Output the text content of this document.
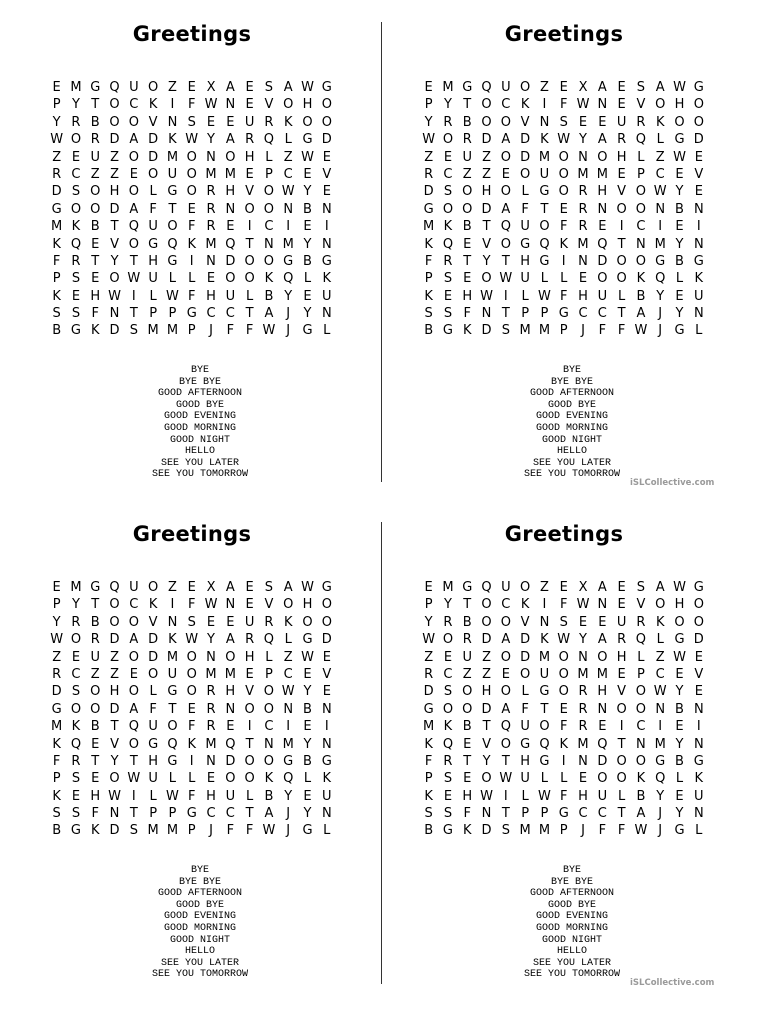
Greetings
E M G Q U O Z E X A E S A W G
P Y T O C K	I	F W N E V O H O
Y R B O O V N S E E U R K O O
W O R D A D K W Y A R Q L G D
Z E U Z O D M O N O H L Z W E
R C Z Z E O U O M M E P C E V
D S O H O L G O R H V O W Y E
G O O D A F T E R N O O N B N
M K B T Q U O F R E	I C I	E	I
K Q E V O G Q K M Q T N M Y N
F R T Y T H G I N D O O G B G
P S E O W U L L E O O K Q L K
K E H W I	L W F H U L B Y E U
S S F N T P P G C C T A J	Y N
B G K D S M M P	J	F F W J G L
BYE
BYE BYE
GOOD AFTERNOON
GOOD BYE
GOOD EVENING
GOOD MORNING
GOOD NIGHT
HELLO
SEE YOU LATER
SEE YOU TOMORROW
Greetings
E M G Q U O Z E X A E S A W G
P Y T O C K	I	F W N E V O H O
Y R B O O V N S E E U R K O O
W O R D A D K W Y A R Q L G D
Z E U Z O D M O N O H L Z W E
R C Z Z E O U O M M E P C E V
D S O H O L G O R H V O W Y E
G O O D A F T E R N O O N B N
M K B T Q U O F R E	I C I	E	I
K Q E V O G Q K M Q T N M Y N
F R T Y T H G I N D O O G B G
P S E O W U L L E O O K Q L K
K E H W I	L W F H U L B Y E U
S S F N T P P G C C T A J	Y N
B G K D S M M P	J	F F W J G L
BYE
BYE BYE
GOOD AFTERNOON
GOOD BYE
GOOD EVENING
GOOD MORNING
GOOD NIGHT
HELLO
SEE YOU LATER
SEE YOU TOMORROW
Greetings
E M G Q U O Z E X A E S A W G
P Y T O C K	I	F W N E V O H O
Y R B O O V N S E E U R K O O
W O R D A D K W Y A R Q L G D
Z E U Z O D M O N O H L Z W E
R C Z Z E O U O M M E P C E V
D S O H O L G O R H V O W Y E
G O O D A F T E R N O O N B N
M K B T Q U O F R E	I C I	E	I
K Q E V O G Q K M Q T N M Y N
F R T Y T H G I N D O O G B G
P S E O W U L L E O O K Q L K
K E H W I	L W F H U L B Y E U
S S F N T P P G C C T A J	Y N
B G K D S M M P	J	F F W J G L
BYE
BYE BYE
GOOD AFTERNOON
GOOD BYE
GOOD EVENING
GOOD MORNING
GOOD NIGHT
HELLO
SEE YOU LATER
SEE YOU TOMORROW
Greetings
E M G Q U O Z E X A E S A W G
P Y T O C K	I	F W N E V O H O
Y R B O O V N S E E U R K O O
W O R D A D K W Y A R Q L G D
Z E U Z O D M O N O H L Z W E
R C Z Z E O U O M M E P C E V
D S O H O L G O R H V O W Y E
G O O D A F T E R N O O N B N
M K B T Q U O F R E	I C I	E	I
K Q E V O G Q K M Q T N M Y N
F R T Y T H G I N D O O G B G
P S E O W U L L E O O K Q L K
K E H W I	L W F H U L B Y E U
S S F N T P P G C C T A J	Y N
B G K D S M M P	J	F F W J G L
BYE
BYE BYE
GOOD AFTERNOON
GOOD BYE
GOOD EVENING
GOOD MORNING
GOOD NIGHT
HELLO
SEE YOU LATER
SEE YOU TOMORROW
iSLCollective.com
iSLCollective.com
